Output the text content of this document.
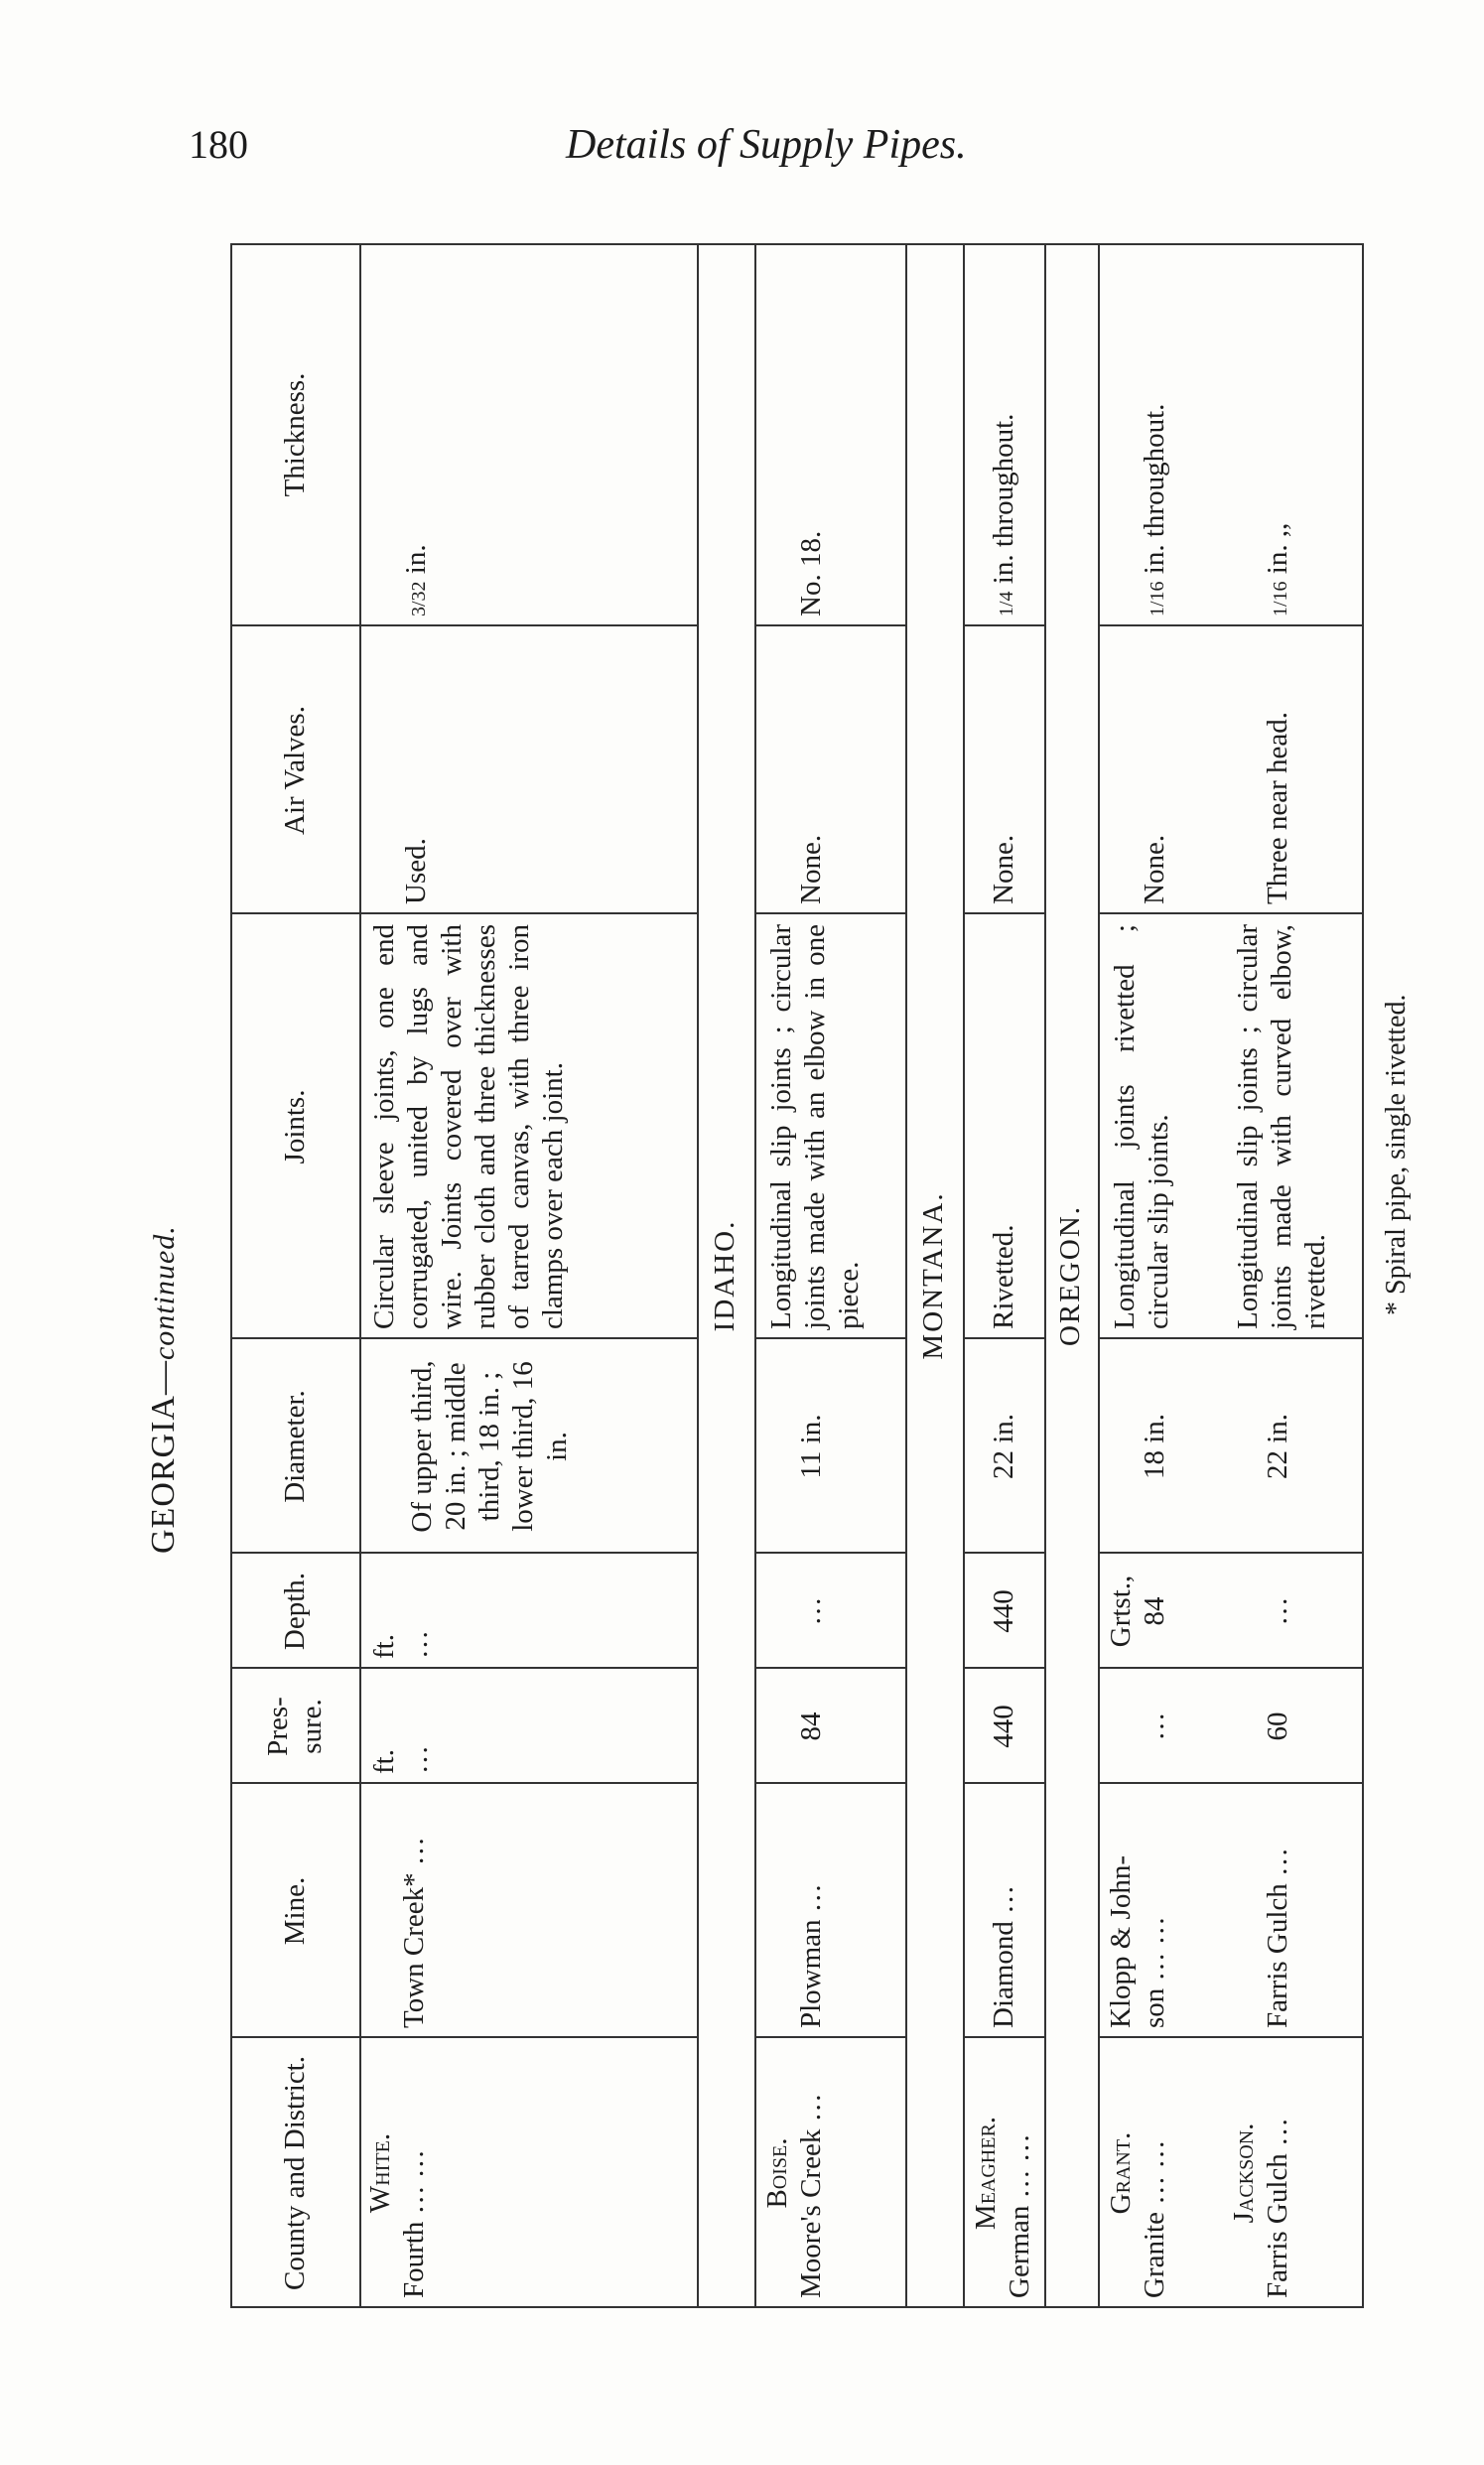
180	Details of Supply Pipes.
GEORGIA—continued.
County and District.
Mine.
Pres-sure.
Depth.
Diameter.
Joints.
Air Valves.
Thickness.
White. Fourth … …
Town Creek* …
ft. …
ft. …
Of upper third, 20 in. ; middle third, 18 in. ; lower third, 16 in.
Circular sleeve joints, one end corrugated, united by lugs and wire. Joints covered over with rubber cloth and three thicknesses of tarred canvas, with three iron clamps over each joint.
Used.
3/32 in.
IDAHO.
Boise. Moore's Creek …
Plowman …
84
…
11 in.
Longitudinal slip joints ; circular joints made with an elbow in one piece.
None.
No. 18.
MONTANA.
Meagher. German … …
Diamond …
440
440
22 in.
Rivetted.
None.
1/4 in. throughout.
OREGON.
Grant. Granite … …
Klopp & John- son … …
…
Grtst., 84
18 in.
Longitudinal joints rivetted ; circular slip joints.
None.
1/16 in. throughout.
Jackson. Farris Gulch …
Farris Gulch …
60
…
22 in.
Longitudinal slip joints ; circular joints made with curved elbow, rivetted.
Three near head.
1/16 in. ,,
* Spiral pipe, single rivetted.
